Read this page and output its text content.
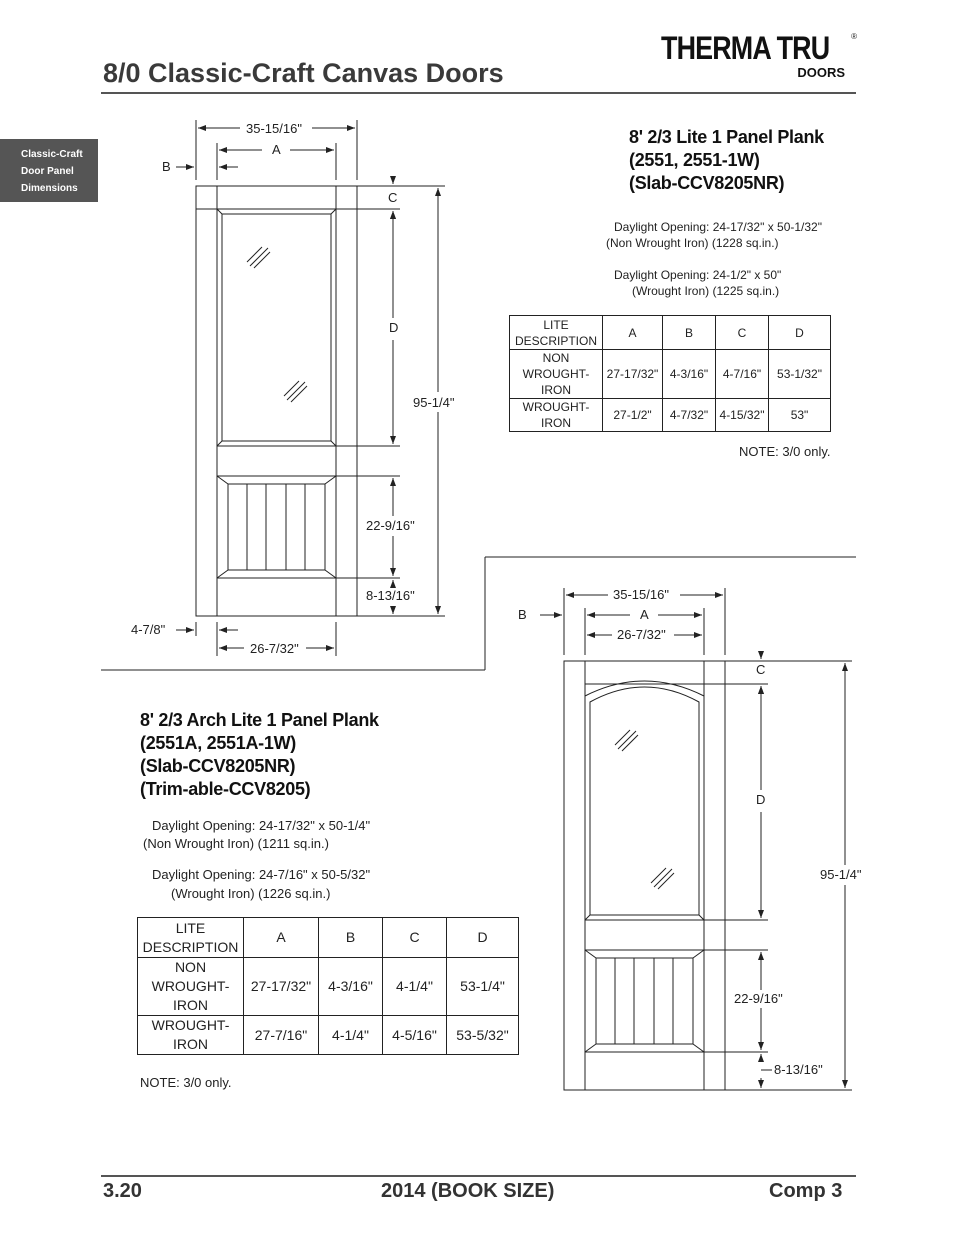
8/0 Classic-Craft Canvas Doors
THERMA TRU
DOORS
®
Classic-Craft
Door Panel
Dimensions
35-15/16"
A
B
C
D
95-1/4"
22-9/16"
8-13/16"
4-7/8"
26-7/32"
8' 2/3 Lite 1 Panel Plank
(2551, 2551-1W)
(Slab-CCV8205NR)
Daylight Opening: 24-17/32" x 50-1/32"
(Non Wrought Iron) (1228 sq.in.)
Daylight Opening: 24-1/2" x 50"
(Wrought Iron) (1225 sq.in.)
LITE DESCRIPTION	A	B	C	D
NON WROUGHT- IRON	27-17/32"	4-3/16"	4-7/16"	53-1/32"
WROUGHT- IRON	27-1/2"	4-7/32"	4-15/32"	53"
NOTE: 3/0 only.
35-15/16"
A
B
26-7/32"
C
D
95-1/4"
22-9/16"
8-13/16"
8' 2/3 Arch Lite 1 Panel Plank
(2551A, 2551A-1W)
(Slab-CCV8205NR)
(Trim-able-CCV8205)
Daylight Opening: 24-17/32" x 50-1/4"
(Non Wrought Iron) (1211 sq.in.)
Daylight Opening: 24-7/16" x 50-5/32"
(Wrought Iron) (1226 sq.in.)
LITE DESCRIPTION	A	B	C	D
NON WROUGHT- IRON	27-17/32"	4-3/16"	4-1/4"	53-1/4"
WROUGHT- IRON	27-7/16"	4-1/4"	4-5/16"	53-5/32"
NOTE: 3/0 only.
3.20	2014 (BOOK SIZE)	Comp 3
